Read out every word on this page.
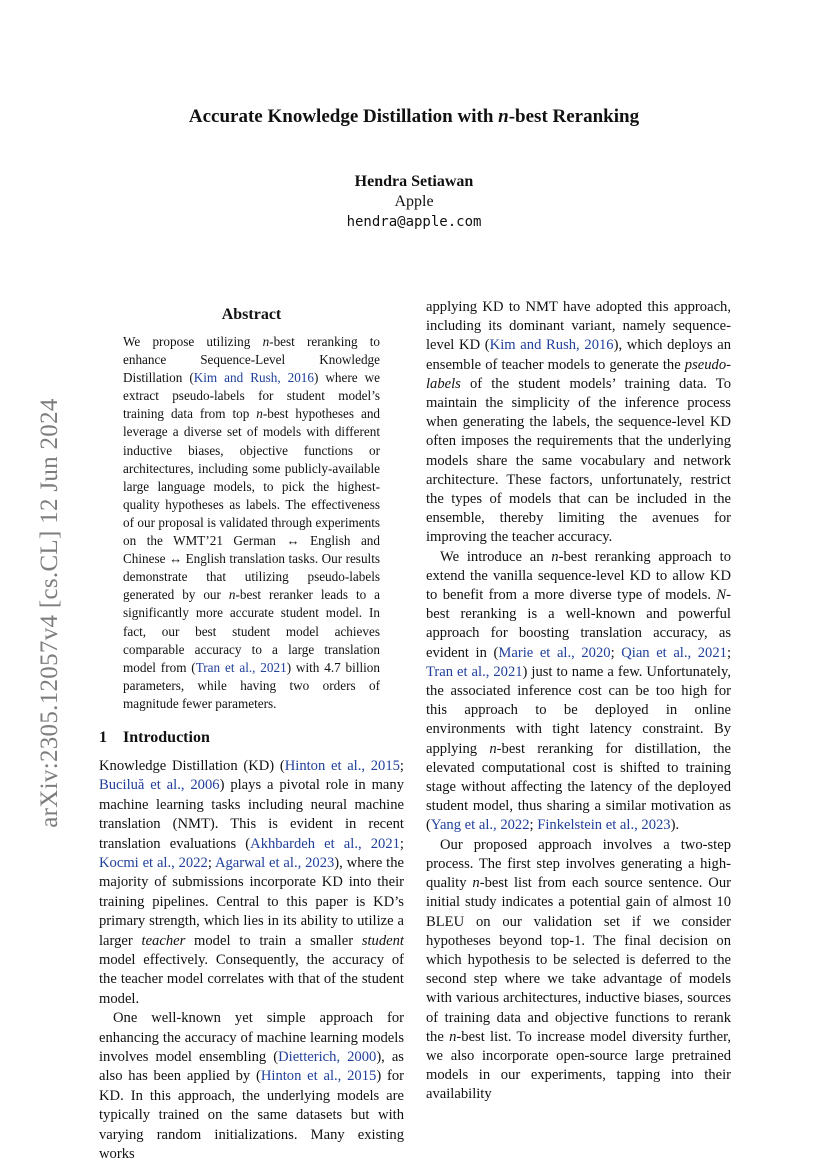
arXiv:2305.12057v4 [cs.CL] 12 Jun 2024
Accurate Knowledge Distillation with n-best Reranking
Hendra Setiawan
Apple
hendra@apple.com
Abstract

We propose utilizing n-best reranking to enhance Sequence-Level Knowledge Distillation (Kim and Rush, 2016) where we extract pseudo-labels for student model’s training data from top n-best hypotheses and leverage a diverse set of models with different inductive biases, objective functions or architectures, including some publicly-available large language models, to pick the highest-quality hypotheses as labels. The effectiveness of our proposal is validated through experiments on the WMT’21 German ↔ English and Chinese ↔ English translation tasks. Our results demonstrate that utilizing pseudo-labels generated by our n-best reranker leads to a significantly more accurate student model. In fact, our best student model achieves comparable accuracy to a large translation model from (Tran et al., 2021) with 4.7 billion parameters, while having two orders of magnitude fewer parameters.

1 Introduction

Knowledge Distillation (KD) (Hinton et al., 2015; Buciluă et al., 2006) plays a pivotal role in many machine learning tasks including neural machine translation (NMT). This is evident in recent translation evaluations (Akhbardeh et al., 2021; Kocmi et al., 2022; Agarwal et al., 2023), where the majority of submissions incorporate KD into their training pipelines. Central to this paper is KD’s primary strength, which lies in its ability to utilize a larger teacher model to train a smaller student model effectively. Consequently, the accuracy of the teacher model correlates with that of the student model.

One well-known yet simple approach for enhancing the accuracy of machine learning models involves model ensembling (Dietterich, 2000), as also has been applied by (Hinton et al., 2015) for KD. In this approach, the underlying models are typically trained on the same datasets but with varying random initializations. Many existing works

applying KD to NMT have adopted this approach, including its dominant variant, namely sequence-level KD (Kim and Rush, 2016), which deploys an ensemble of teacher models to generate the pseudo-labels of the student models’ training data. To maintain the simplicity of the inference process when generating the labels, the sequence-level KD often imposes the requirements that the underlying models share the same vocabulary and network architecture. These factors, unfortunately, restrict the types of models that can be included in the ensemble, thereby limiting the avenues for improving the teacher accuracy.

We introduce an n-best reranking approach to extend the vanilla sequence-level KD to allow KD to benefit from a more diverse type of models. N-best reranking is a well-known and powerful approach for boosting translation accuracy, as evident in (Marie et al., 2020; Qian et al., 2021; Tran et al., 2021) just to name a few. Unfortunately, the associated inference cost can be too high for this approach to be deployed in online environments with tight latency constraint. By applying n-best reranking for distillation, the elevated computational cost is shifted to training stage without affecting the latency of the deployed student model, thus sharing a similar motivation as (Yang et al., 2022; Finkelstein et al., 2023).

Our proposed approach involves a two-step process. The first step involves generating a high-quality n-best list from each source sentence. Our initial study indicates a potential gain of almost 10 BLEU on our validation set if we consider hypotheses beyond top-1. The final decision on which hypothesis to be selected is deferred to the second step where we take advantage of models with various architectures, inductive biases, sources of training data and objective functions to rerank the n-best list. To increase model diversity further, we also incorporate open-source large pretrained models in our experiments, tapping into their availability
